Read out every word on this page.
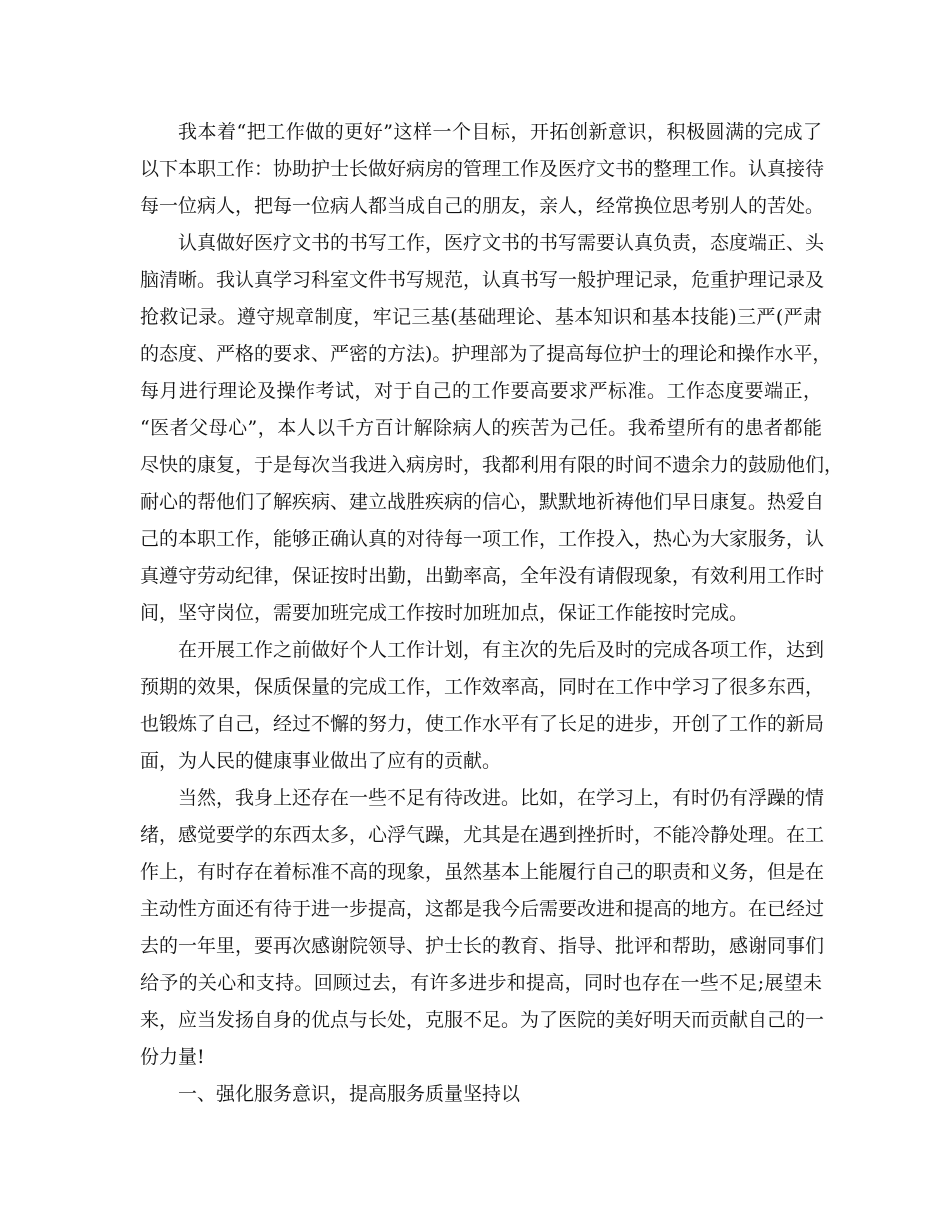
我本着“把工作做的更好”这样一个目标，开拓创新意识，积极圆满的完成了
以下本职工作：协助护士长做好病房的管理工作及医疗文书的整理工作。认真接待
每一位病人，把每一位病人都当成自己的朋友，亲人，经常换位思考别人的苦处。
认真做好医疗文书的书写工作，医疗文书的书写需要认真负责，态度端正、头
脑清晰。我认真学习科室文件书写规范，认真书写一般护理记录，危重护理记录及
抢救记录。遵守规章制度，牢记三基(基础理论、基本知识和基本技能)三严(严肃
的态度、严格的要求、严密的方法)。护理部为了提高每位护士的理论和操作水平，
每月进行理论及操作考试，对于自己的工作要高要求严标准。工作态度要端正，
“医者父母心”，本人以千方百计解除病人的疾苦为己任。我希望所有的患者都能
尽快的康复，于是每次当我进入病房时，我都利用有限的时间不遗余力的鼓励他们，
耐心的帮他们了解疾病、建立战胜疾病的信心，默默地祈祷他们早日康复。热爱自
己的本职工作，能够正确认真的对待每一项工作，工作投入，热心为大家服务，认
真遵守劳动纪律，保证按时出勤，出勤率高，全年没有请假现象，有效利用工作时
间，坚守岗位，需要加班完成工作按时加班加点，保证工作能按时完成。
在开展工作之前做好个人工作计划，有主次的先后及时的完成各项工作，达到
预期的效果，保质保量的完成工作，工作效率高，同时在工作中学习了很多东西，
也锻炼了自己，经过不懈的努力，使工作水平有了长足的进步，开创了工作的新局
面，为人民的健康事业做出了应有的贡献。
当然，我身上还存在一些不足有待改进。比如，在学习上，有时仍有浮躁的情
绪，感觉要学的东西太多，心浮气躁，尤其是在遇到挫折时，不能冷静处理。在工
作上，有时存在着标准不高的现象，虽然基本上能履行自己的职责和义务，但是在
主动性方面还有待于进一步提高，这都是我今后需要改进和提高的地方。在已经过
去的一年里，要再次感谢院领导、护士长的教育、指导、批评和帮助，感谢同事们
给予的关心和支持。回顾过去，有许多进步和提高，同时也存在一些不足;展望未
来，应当发扬自身的优点与长处，克服不足。为了医院的美好明天而贡献自己的一
份力量!
一、强化服务意识，提高服务质量坚持以
